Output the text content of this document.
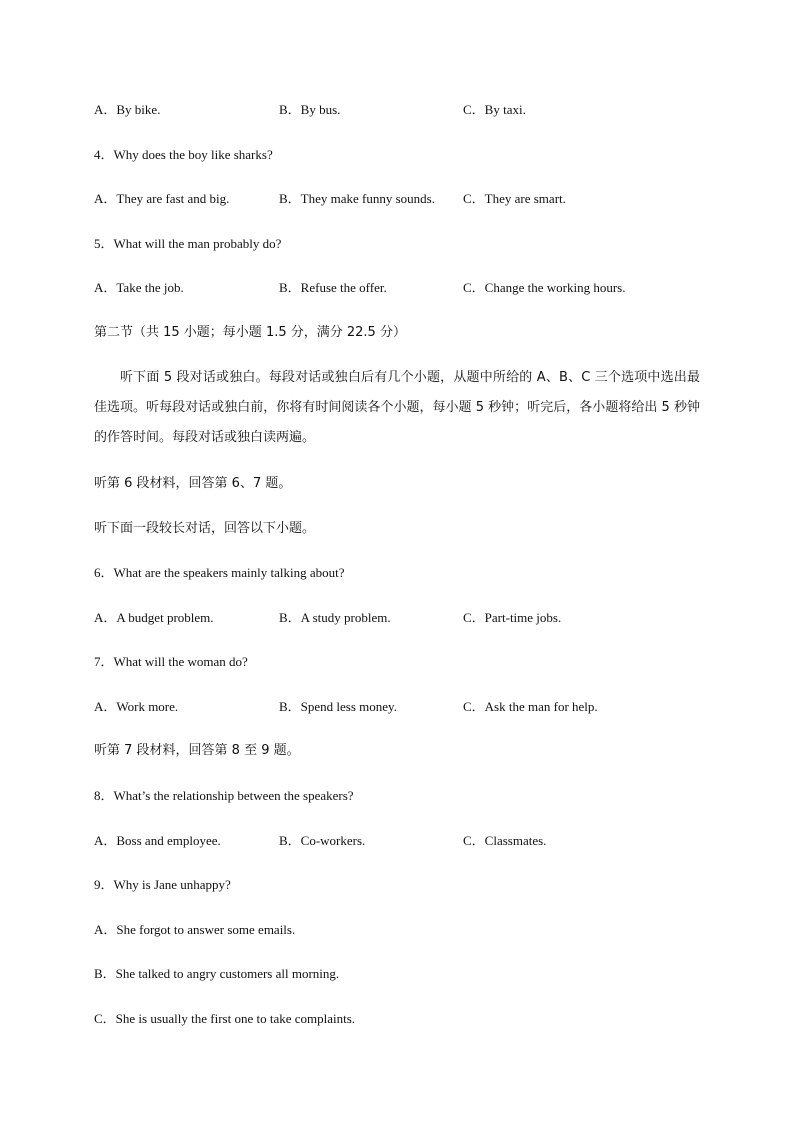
A．By bike.	B．By bus.	C．By taxi.
4．Why does the boy like sharks?
A．They are fast and big.	B．They make funny sounds. C．They are smart.
5．What will the man probably do?
A．Take the job.	B．Refuse the offer.	C．Change the working hours.
第二节（共 15 小题；每小题 1.5 分，满分 22.5 分）
听下面 5 段对话或独白。每段对话或独白后有几个小题，从题中所给的 A、B、C 三个选项中选出最佳选项。听每段对话或独白前，你将有时间阅读各个小题，每小题 5 秒钟；听完后，各小题将给出 5 秒钟的作答时间。每段对话或独白读两遍。
听第 6 段材料，回答第 6、7 题。
听下面一段较长对话，回答以下小题。
6．What are the speakers mainly talking about?
A．A budget problem.	B．A study problem.	C．Part-time jobs.
7．What will the woman do?
A．Work more.	B．Spend less money.	C．Ask the man for help.
听第 7 段材料，回答第 8 至 9 题。
8．What’s the relationship between the speakers?
A．Boss and employee.	B．Co-workers.	C．Classmates.
9．Why is Jane unhappy?
A．She forgot to answer some emails.
B．She talked to angry customers all morning.
C．She is usually the first one to take complaints.
